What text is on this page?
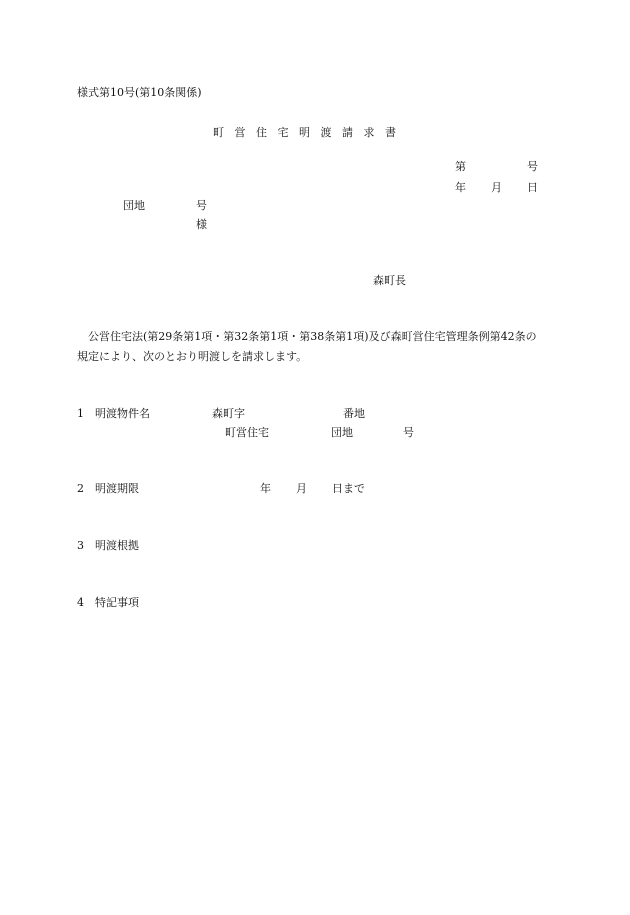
様式第10号(第10条関係)
町営住宅明渡請求書
第	号
年 月 日
団地	号
様
森町長
公営住宅法(第29条第1項・第32条第1項・第38条第1項)及び森町営住宅管理条例第42条の
規定により、次のとおり明渡しを請求します。
1 明渡物件名	森町字	番地
町営住宅	団地	号
2 明渡期限	年 月 日まで
3 明渡根拠
4 特記事項
